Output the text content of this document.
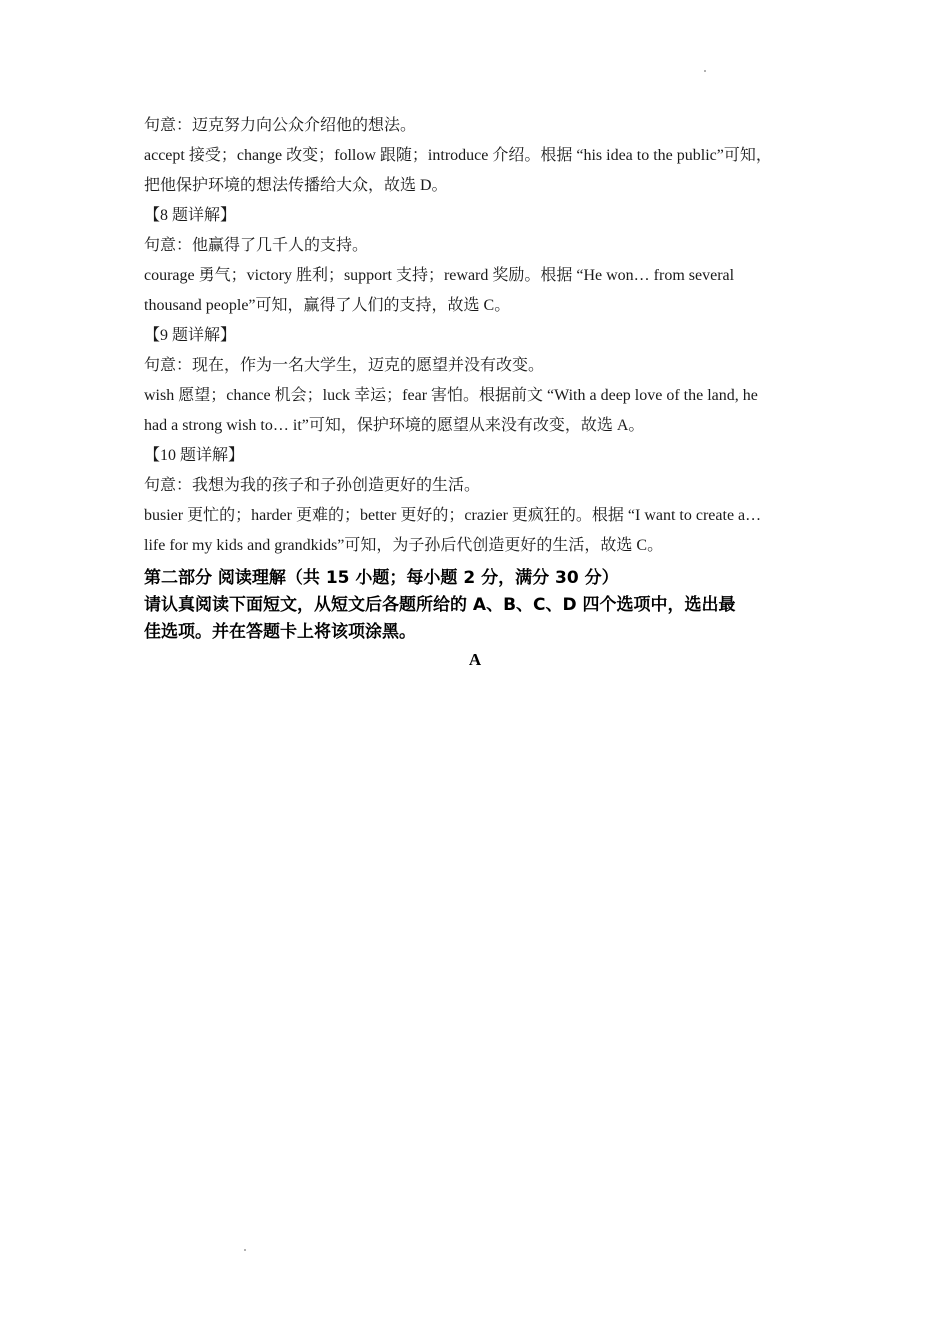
句意：迈克努力向公众介绍他的想法。
accept 接受；change 改变；follow 跟随；introduce 介绍。根据 “his idea to the public”可知，
把他保护环境的想法传播给大众，故选 D。
【8 题详解】
句意：他赢得了几千人的支持。
courage 勇气；victory 胜利；support 支持；reward 奖励。根据 “He won… from several
thousand people”可知，赢得了人们的支持，故选 C。
【9 题详解】
句意：现在，作为一名大学生，迈克的愿望并没有改变。
wish 愿望；chance 机会；luck 幸运；fear 害怕。根据前文 “With a deep love of the land, he
had a strong wish to… it”可知，保护环境的愿望从来没有改变，故选 A。
【10 题详解】
句意：我想为我的孩子和子孙创造更好的生活。
busier 更忙的；harder 更难的；better 更好的；crazier 更疯狂的。根据 “I want to create a…
life for my kids and grandkids”可知，为子孙后代创造更好的生活，故选 C。
第二部分 阅读理解（共 15 小题；每小题 2 分，满分 30 分）
请认真阅读下面短文，从短文后各题所给的 A、B、C、D 四个选项中，选出最
佳选项。并在答题卡上将该项涂黑。
A
